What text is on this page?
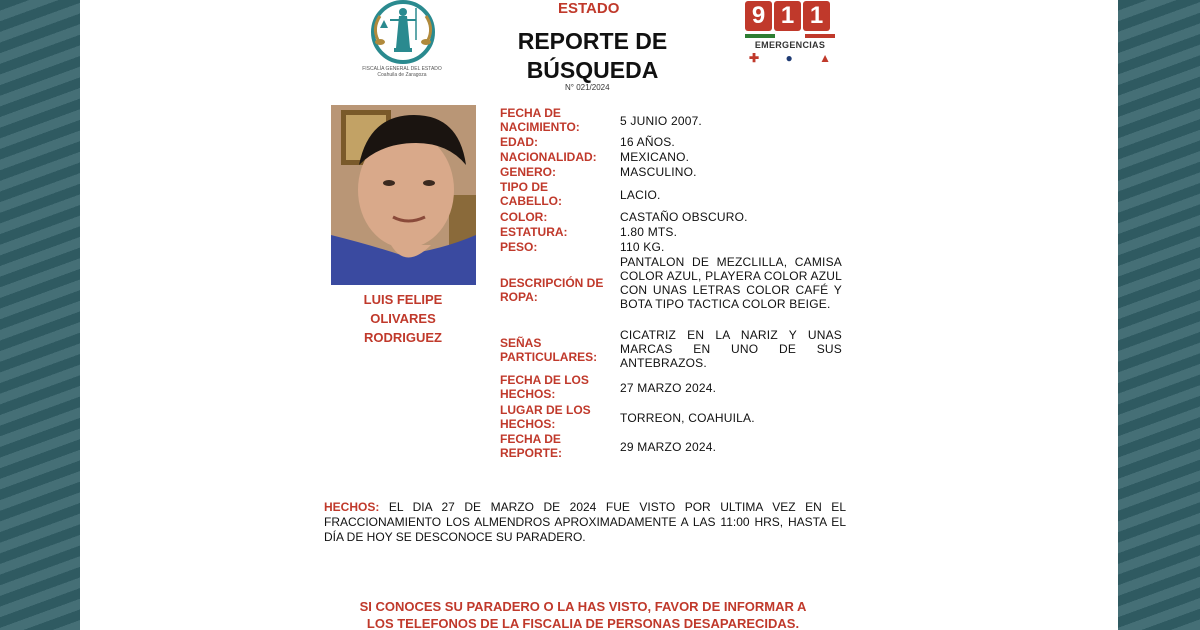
FISCALÍA GENERAL DEL ESTADO
Coahuila de Zaragoza
ESTADO
REPORTE DE
BÚSQUEDA
N° 021/2024
9 1 1
EMERGENCIAS
✚ ● ▲
LUIS FELIPE
OLIVARES
RODRIGUEZ
FECHA DE NACIMIENTO:	5 JUNIO 2007.
EDAD:	16 AÑOS.
NACIONALIDAD:	MEXICANO.
GENERO:	MASCULINO.
TIPO DE CABELLO:	LACIO.
COLOR:	CASTAÑO OBSCURO.
ESTATURA:	1.80 MTS.
PESO:	110 KG.
DESCRIPCIÓN DE ROPA:
PANTALON DE MEZCLILLA, CAMISA COLOR AZUL, PLAYERA COLOR AZUL CON UNAS LETRAS COLOR CAFÉ Y BOTA TIPO TACTICA COLOR BEIGE.
SEÑAS PARTICULARES:
CICATRIZ EN LA NARIZ Y UNAS MARCAS EN UNO DE SUS ANTEBRAZOS.
FECHA DE LOS HECHOS:	27 MARZO 2024.
LUGAR DE LOS HECHOS:	TORREON, COAHUILA.
FECHA DE REPORTE:	29 MARZO 2024.
HECHOS: EL DIA 27 DE MARZO DE 2024 FUE VISTO POR ULTIMA VEZ EN EL FRACCIONAMIENTO LOS ALMENDROS APROXIMADAMENTE A LAS 11:00 HRS, HASTA EL DÍA DE HOY SE DESCONOCE SU PARADERO.
SI CONOCES SU PARADERO O LA HAS VISTO, FAVOR DE INFORMAR A
LOS TELEFONOS DE LA FISCALIA DE PERSONAS DESAPARECIDAS.
